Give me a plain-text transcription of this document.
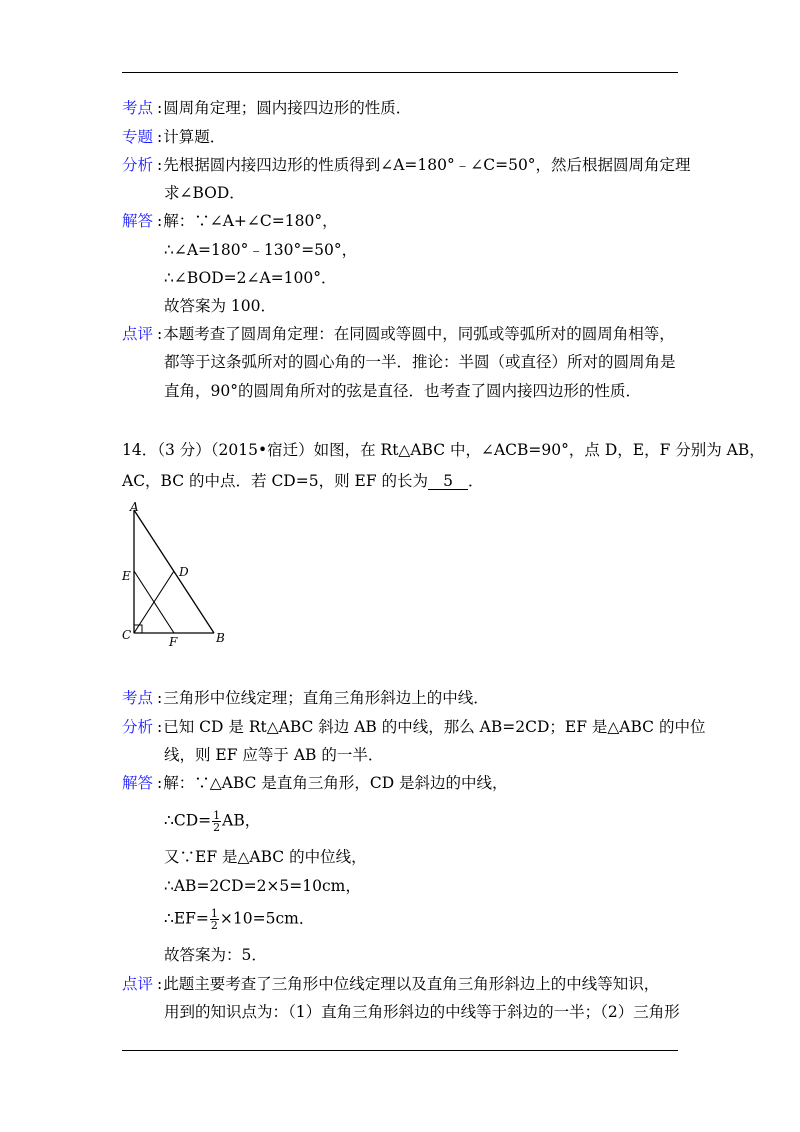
考点 :圆周角定理；圆内接四边形的性质．
专题 :计算题．
分析 :先根据圆内接四边形的性质得到∠A=180°﹣∠C=50°，然后根据圆周角定理
求∠BOD．
解答 :解：∵∠A+∠C=180°，
∴∠A=180°﹣130°=50°，
∴∠BOD=2∠A=100°．
故答案为 100．
点评 :本题考查了圆周角定理：在同圆或等圆中，同弧或等弧所对的圆周角相等，
都等于这条弧所对的圆心角的一半．推论：半圆（或直径）所对的圆周角是
直角，90°的圆周角所对的弦是直径．也考查了圆内接四边形的性质．
14．（3 分）（2015•宿迁）如图，在 Rt△ABC 中，∠ACB=90°，点 D，E，F 分别为 AB，
AC，BC 的中点．若 CD=5，则 EF 的长为 5 ．
A
E	D
C	F	B
考点 :三角形中位线定理；直角三角形斜边上的中线．
分析 :已知 CD 是 Rt△ABC 斜边 AB 的中线，那么 AB=2CD；EF 是△ABC 的中位
线，则 EF 应等于 AB 的一半．
解答 :解：∵△ABC 是直角三角形，CD 是斜边的中线，
∴CD= $\frac{1}{2}$ AB，
又∵EF 是△ABC 的中位线，
∴AB=2CD=2×5=10cm，
∴EF= $\frac{1}{2} \times 10=5cm$．
故答案为：5．
点评 :此题主要考查了三角形中位线定理以及直角三角形斜边上的中线等知识，
用到的知识点为：（1）直角三角形斜边的中线等于斜边的一半；（2）三角形
